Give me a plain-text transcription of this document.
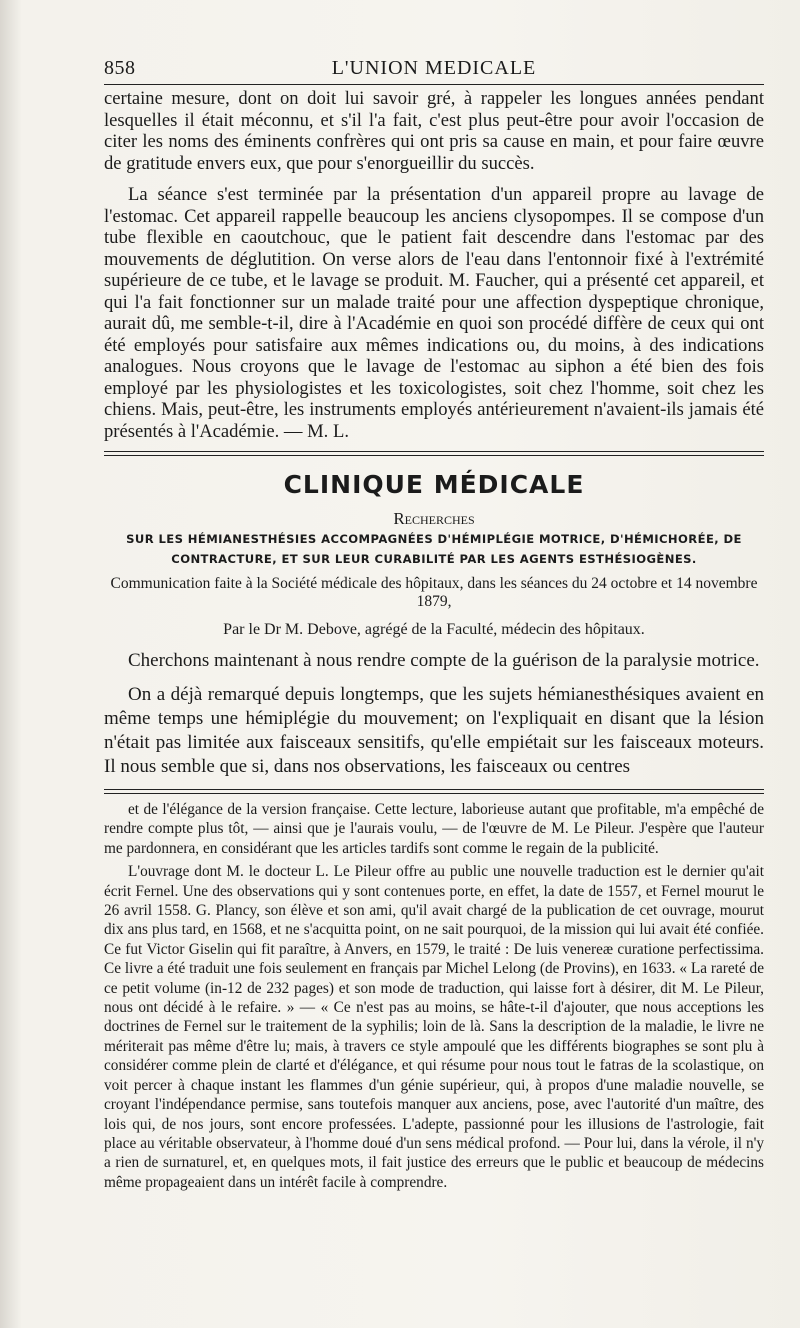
858	L'UNION MEDICALE

certaine mesure, dont on doit lui savoir gré, à rappeler les longues années pendant lesquelles il était méconnu, et s'il l'a fait, c'est plus peut-être pour avoir l'occasion de citer les noms des éminents confrères qui ont pris sa cause en main, et pour faire œuvre de gratitude envers eux, que pour s'enorgueillir du succès.

La séance s'est terminée par la présentation d'un appareil propre au lavage de l'estomac. Cet appareil rappelle beaucoup les anciens clysopompes. Il se compose d'un tube flexible en caoutchouc, que le patient fait descendre dans l'estomac par des mouvements de déglutition. On verse alors de l'eau dans l'entonnoir fixé à l'extrémité supérieure de ce tube, et le lavage se produit. M. Faucher, qui a présenté cet appareil, et qui l'a fait fonctionner sur un malade traité pour une affection dyspeptique chronique, aurait dû, me semble-t-il, dire à l'Académie en quoi son procédé diffère de ceux qui ont été employés pour satisfaire aux mêmes indications ou, du moins, à des indications analogues. Nous croyons que le lavage de l'estomac au siphon a été bien des fois employé par les physiologistes et les toxicologistes, soit chez l'homme, soit chez les chiens. Mais, peut-être, les instruments employés antérieurement n'avaient-ils jamais été présentés à l'Académie. — M. L.

CLINIQUE MÉDICALE
Recherches
SUR LES HÉMIANESTHÉSIES ACCOMPAGNÉES D'HÉMIPLÉGIE MOTRICE, D'HÉMICHORÉE, DE
CONTRACTURE, ET SUR LEUR CURABILITÉ PAR LES AGENTS ESTHÉSIOGÈNES.
Communication faite à la Société médicale des hôpitaux, dans les séances du 24 octobre et 14 novembre 1879,
Par le Dr M. Debove, agrégé de la Faculté, médecin des hôpitaux.

Cherchons maintenant à nous rendre compte de la guérison de la paralysie motrice.

On a déjà remarqué depuis longtemps, que les sujets hémianesthésiques avaient en même temps une hémiplégie du mouvement; on l'expliquait en disant que la lésion n'était pas limitée aux faisceaux sensitifs, qu'elle empiétait sur les faisceaux moteurs. Il nous semble que si, dans nos observations, les faisceaux ou centres

et de l'élégance de la version française. Cette lecture, laborieuse autant que profitable, m'a empêché de rendre compte plus tôt, — ainsi que je l'aurais voulu, — de l'œuvre de M. Le Pileur. J'espère que l'auteur me pardonnera, en considérant que les articles tardifs sont comme le regain de la publicité.

L'ouvrage dont M. le docteur L. Le Pileur offre au public une nouvelle traduction est le dernier qu'ait écrit Fernel. Une des observations qui y sont contenues porte, en effet, la date de 1557, et Fernel mourut le 26 avril 1558. G. Plancy, son élève et son ami, qu'il avait chargé de la publication de cet ouvrage, mourut dix ans plus tard, en 1568, et ne s'acquitta point, on ne sait pourquoi, de la mission qui lui avait été confiée. Ce fut Victor Giselin qui fit paraître, à Anvers, en 1579, le traité : De luis venereæ curatione perfectissima. Ce livre a été traduit une fois seulement en français par Michel Lelong (de Provins), en 1633. « La rareté de ce petit volume (in-12 de 232 pages) et son mode de traduction, qui laisse fort à désirer, dit M. Le Pileur, nous ont décidé à le refaire. » — « Ce n'est pas au moins, se hâte-t-il d'ajouter, que nous acceptions les doctrines de Fernel sur le traitement de la syphilis; loin de là. Sans la description de la maladie, le livre ne mériterait pas même d'être lu; mais, à travers ce style ampoulé que les différents biographes se sont plu à considérer comme plein de clarté et d'élégance, et qui résume pour nous tout le fatras de la scolastique, on voit percer à chaque instant les flammes d'un génie supérieur, qui, à propos d'une maladie nouvelle, se croyant l'indépendance permise, sans toutefois manquer aux anciens, pose, avec l'autorité d'un maître, des lois qui, de nos jours, sont encore professées. L'adepte, passionné pour les illusions de l'astrologie, fait place au véritable observateur, à l'homme doué d'un sens médical profond. — Pour lui, dans la vérole, il n'y a rien de surnaturel, et, en quelques mots, il fait justice des erreurs que le public et beaucoup de médecins même propageaient dans un intérêt facile à comprendre.
